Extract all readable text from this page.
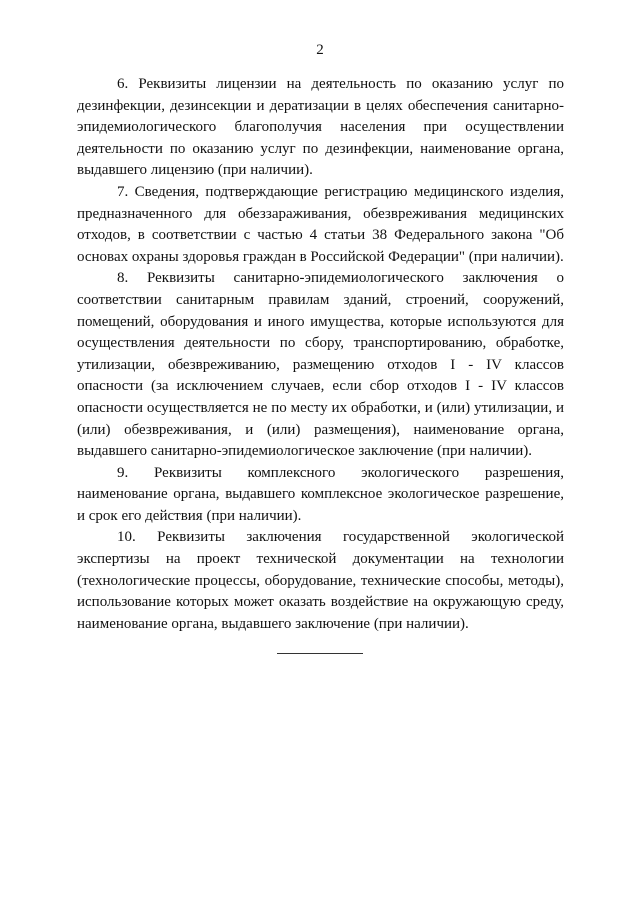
2

6. Реквизиты лицензии на деятельность по оказанию услуг по дезинфекции, дезинсекции и дератизации в целях обеспечения санитарно-эпидемиологического благополучия населения при осуществлении деятельности по оказанию услуг по дезинфекции, наименование органа, выдавшего лицензию (при наличии).

7. Сведения, подтверждающие регистрацию медицинского изделия, предназначенного для обеззараживания, обезвреживания медицинских отходов, в соответствии с частью 4 статьи 38 Федерального закона "Об основах охраны здоровья граждан в Российской Федерации" (при наличии).

8. Реквизиты санитарно-эпидемиологического заключения о соответствии санитарным правилам зданий, строений, сооружений, помещений, оборудования и иного имущества, которые используются для осуществления деятельности по сбору, транспортированию, обработке, утилизации, обезвреживанию, размещению отходов I - IV классов опасности (за исключением случаев, если сбор отходов I - IV классов опасности осуществляется не по месту их обработки, и (или) утилизации, и (или) обезвреживания, и (или) размещения), наименование органа, выдавшего санитарно-эпидемиологическое заключение (при наличии).

9. Реквизиты комплексного экологического разрешения, наименование органа, выдавшего комплексное экологическое разрешение, и срок его действия (при наличии).

10. Реквизиты заключения государственной экологической экспертизы на проект технической документации на технологии (технологические процессы, оборудование, технические способы, методы), использование которых может оказать воздействие на окружающую среду, наименование органа, выдавшего заключение (при наличии).
